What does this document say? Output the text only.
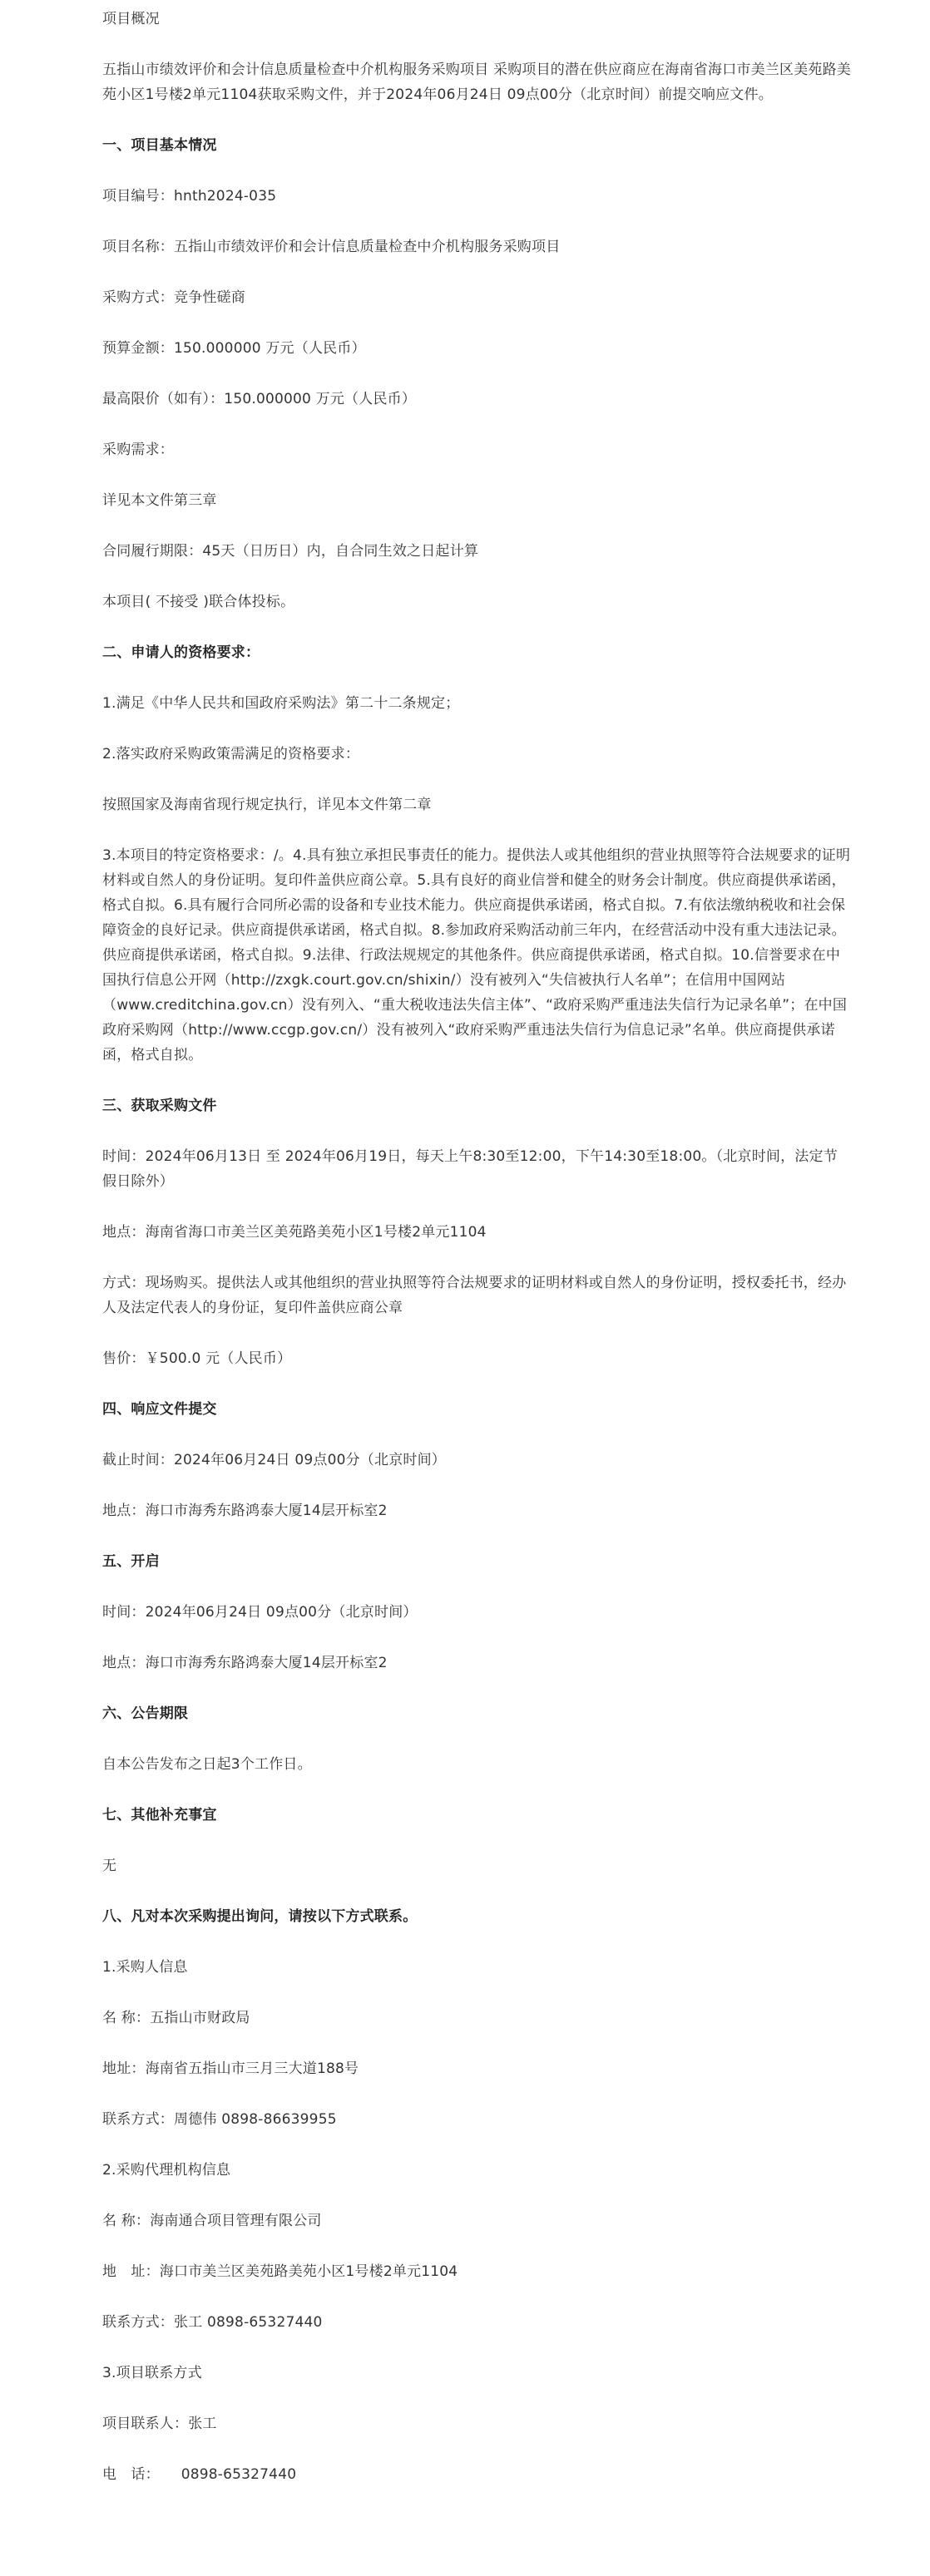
项目概况

五指山市绩效评价和会计信息质量检查中介机构服务采购项目 采购项目的潜在供应商应在海南省海口市美兰区美苑路美苑小区1号楼2单元1104获取采购文件，并于2024年06月24日 09点00分（北京时间）前提交响应文件。

一、项目基本情况

项目编号：hnth2024-035

项目名称：五指山市绩效评价和会计信息质量检查中介机构服务采购项目

采购方式：竞争性磋商

预算金额：150.000000 万元（人民币）

最高限价（如有）：150.000000 万元（人民币）

采购需求：

详见本文件第三章

合同履行期限：45天（日历日）内，自合同生效之日起计算

本项目( 不接受 )联合体投标。

二、申请人的资格要求：

1.满足《中华人民共和国政府采购法》第二十二条规定；

2.落实政府采购政策需满足的资格要求：

按照国家及海南省现行规定执行，详见本文件第二章

3.本项目的特定资格要求：/。4.具有独立承担民事责任的能力。提供法人或其他组织的营业执照等符合法规要求的证明材料或自然人的身份证明。复印件盖供应商公章。5.具有良好的商业信誉和健全的财务会计制度。供应商提供承诺函，格式自拟。6.具有履行合同所必需的设备和专业技术能力。供应商提供承诺函，格式自拟。7.有依法缴纳税收和社会保障资金的良好记录。供应商提供承诺函，格式自拟。8.参加政府采购活动前三年内，在经营活动中没有重大违法记录。供应商提供承诺函，格式自拟。9.法律、行政法规规定的其他条件。供应商提供承诺函，格式自拟。10.信誉要求在中国执行信息公开网（http://zxgk.court.gov.cn/shixin/）没有被列入“失信被执行人名单”；在信用中国网站（www.creditchina.gov.cn）没有列入、“重大税收违法失信主体”、“政府采购严重违法失信行为记录名单”；在中国政府采购网（http://www.ccgp.gov.cn/）没有被列入“政府采购严重违法失信行为信息记录”名单。供应商提供承诺函，格式自拟。

三、获取采购文件

时间：2024年06月13日 至 2024年06月19日，每天上午8:30至12:00，下午14:30至18:00。（北京时间，法定节假日除外）

地点：海南省海口市美兰区美苑路美苑小区1号楼2单元1104

方式：现场购买。提供法人或其他组织的营业执照等符合法规要求的证明材料或自然人的身份证明，授权委托书，经办人及法定代表人的身份证，复印件盖供应商公章

售价：￥500.0 元（人民币）

四、响应文件提交

截止时间：2024年06月24日 09点00分（北京时间）

地点：海口市海秀东路鸿泰大厦14层开标室2

五、开启

时间：2024年06月24日 09点00分（北京时间）

地点：海口市海秀东路鸿泰大厦14层开标室2

六、公告期限

自本公告发布之日起3个工作日。

七、其他补充事宜

无

八、凡对本次采购提出询问，请按以下方式联系。

1.采购人信息

名 称：五指山市财政局

地址：海南省五指山市三月三大道188号

联系方式：周德伟 0898-86639955

2.采购代理机构信息

名 称：海南通合项目管理有限公司

地　址：海口市美兰区美苑路美苑小区1号楼2单元1104

联系方式：张工 0898-65327440

3.项目联系方式

项目联系人：张工

电　话：　　0898-65327440
